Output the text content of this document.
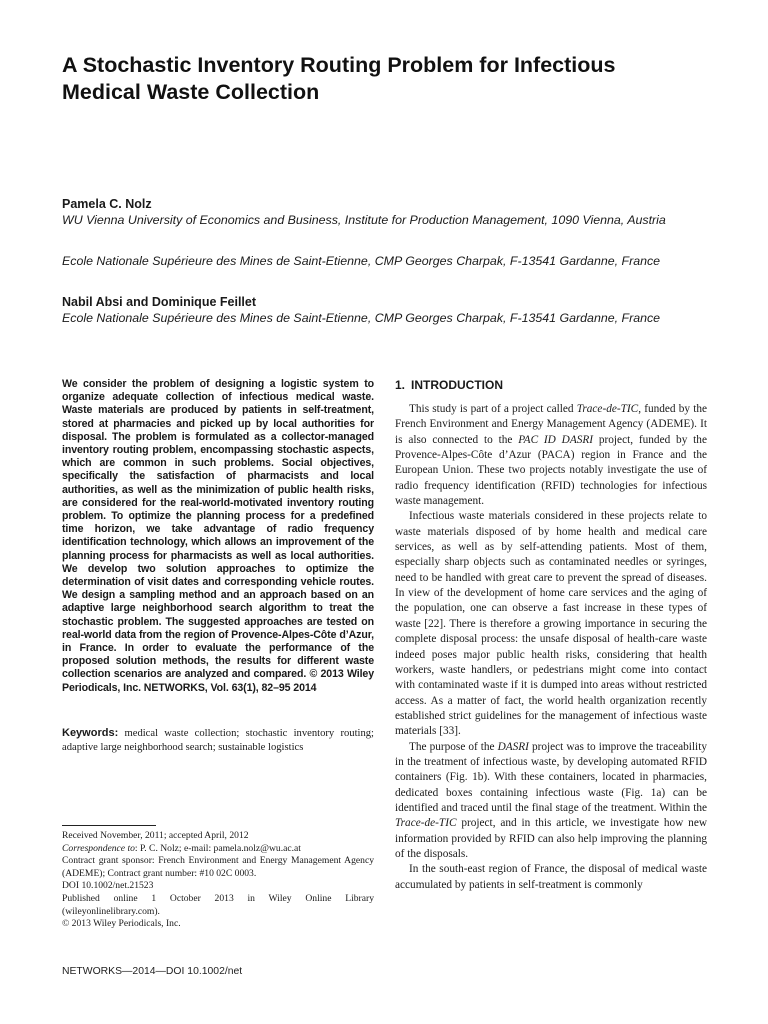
A Stochastic Inventory Routing Problem for Infectious
Medical Waste Collection

Pamela C. Nolz

WU Vienna University of Economics and Business, Institute for Production Management, 1090 Vienna, Austria

Ecole Nationale Supérieure des Mines de Saint-Etienne, CMP Georges Charpak, F-13541 Gardanne, France

Nabil Absi and Dominique Feillet

Ecole Nationale Supérieure des Mines de Saint-Etienne, CMP Georges Charpak, F-13541 Gardanne, France

We consider the problem of designing a logistic system to organize adequate collection of infectious medical waste. Waste materials are produced by patients in self-treatment, stored at pharmacies and picked up by local authorities for disposal. The problem is formulated as a collector-managed inventory routing problem, encompassing stochastic aspects, which are common in such problems. Social objectives, specifically the satisfaction of pharmacists and local authorities, as well as the minimization of public health risks, are considered for the real-world-motivated inventory routing problem. To optimize the planning process for a predefined time horizon, we take advantage of radio frequency identification technology, which allows an improvement of the planning process for pharmacists as well as local authorities. We develop two solution approaches to optimize the determination of visit dates and corresponding vehicle routes. We design a sampling method and an approach based on an adaptive large neighborhood search algorithm to treat the stochastic problem. The suggested approaches are tested on real-world data from the region of Provence-Alpes-Côte d’Azur, in France. In order to evaluate the performance of the proposed solution methods, the results for different waste collection scenarios are analyzed and compared. © 2013 Wiley Periodicals, Inc. NETWORKS, Vol. 63(1), 82–95 2014

Keywords: medical waste collection; stochastic inventory routing; adaptive large neighborhood search; sustainable logistics

Received November, 2011; accepted April, 2012

Correspondence to: P. C. Nolz; e-mail: pamela.nolz@wu.ac.at

Contract grant sponsor: French Environment and Energy Management Agency (ADEME); Contract grant number: #10 02C 0003.

DOI 10.1002/net.21523

Published online 1 October 2013 in Wiley Online Library

(wileyonlinelibrary.com).

© 2013 Wiley Periodicals, Inc.

NETWORKS—2014—DOI 10.1002/net
1. INTRODUCTION

This study is part of a project called Trace-de-TIC, funded by the French Environment and Energy Management Agency (ADEME). It is also connected to the PAC ID DASRI project, funded by the Provence-Alpes-Côte d’Azur (PACA) region in France and the European Union. These two projects notably investigate the use of radio frequency identification (RFID) technologies for infectious waste management.

Infectious waste materials considered in these projects relate to waste materials disposed of by home health and medical care services, as well as by self-attending patients. Most of them, especially sharp objects such as contaminated needles or syringes, need to be handled with great care to prevent the spread of diseases. In view of the development of home care services and the aging of the population, one can observe a fast increase in these types of waste [22]. There is therefore a growing importance in securing the complete disposal process: the unsafe disposal of health-care waste indeed poses major public health risks, considering that health workers, waste handlers, or pedestrians might come into contact with contaminated waste if it is dumped into areas without restricted access. As a matter of fact, the world health organization recently established strict guidelines for the management of infectious waste materials [33].

The purpose of the DASRI project was to improve the traceability in the treatment of infectious waste, by developing automated RFID containers (Fig. 1b). With these containers, located in pharmacies, dedicated boxes containing infectious waste (Fig. 1a) can be identified and traced until the final stage of the treatment. Within the Trace-de-TIC project, and in this article, we investigate how new information provided by RFID can also help improving the planning of the disposals.

In the south-east region of France, the disposal of medical waste accumulated by patients in self-treatment is commonly
